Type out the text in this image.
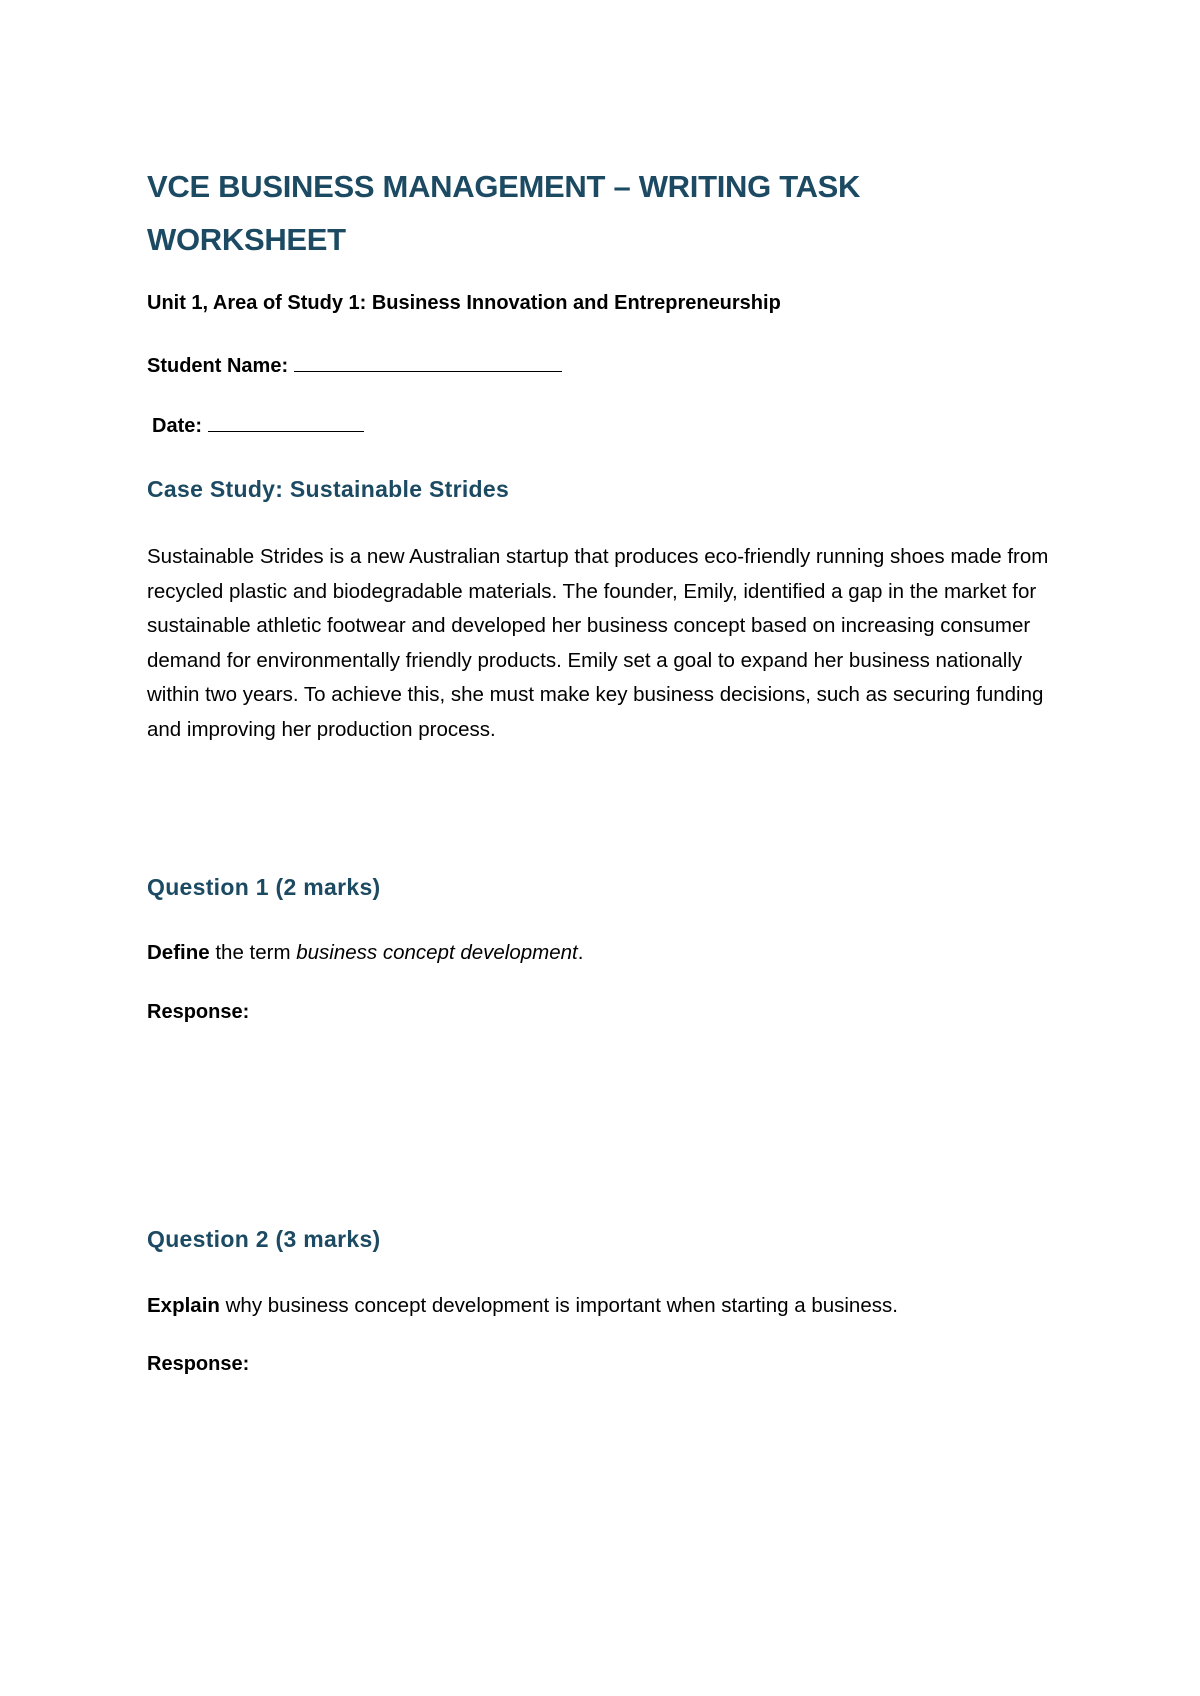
VCE BUSINESS MANAGEMENT – WRITING TASK WORKSHEET

Unit 1, Area of Study 1: Business Innovation and Entrepreneurship

Student Name:

Date:

Case Study: Sustainable Strides

Sustainable Strides is a new Australian startup that produces eco-friendly running shoes made from recycled plastic and biodegradable materials. The founder, Emily, identified a gap in the market for sustainable athletic footwear and developed her business concept based on increasing consumer demand for environmentally friendly products. Emily set a goal to expand her business nationally within two years. To achieve this, she must make key business decisions, such as securing funding and improving her production process.

Question 1 (2 marks)

Define the term business concept development.

Response:

Question 2 (3 marks)

Explain why business concept development is important when starting a business.

Response:
